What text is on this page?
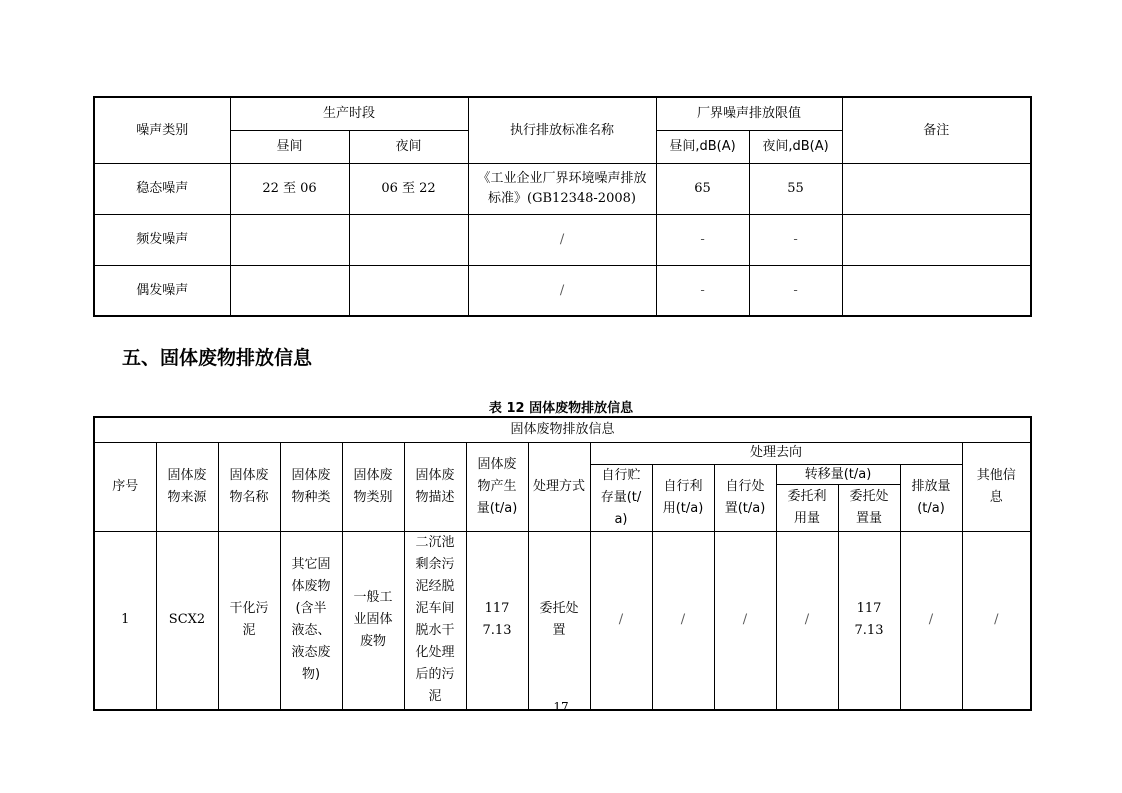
噪声类别	生产时段		执行排放标准名称	厂界噪声排放限值		备注
	昼间	夜间		昼间,dB(A)	夜间,dB(A)	
稳态噪声	22 至 06	06 至 22	《工业企业厂界环境噪声排放标准》(GB12348-2008)	65	55	
频发噪声			/	-	-	
偶发噪声			/	-	-	
五、固体废物排放信息
表 12 固体废物排放信息
固体废物排放信息														
序号	固体废物来源	固体废物名称	固体废物种类	固体废物类别	固体废物描述	固体废物产生量(t/a)	处理方式	处理去向						其他信息

								自行贮存量(t/a)	自行利用(t/a)	自行处置(t/a)	转移量(t/a)		排放量(t/a)	

											委托利用量	委托处置量		

1	SCX2	干化污泥	其它固体废物(含半液态、液态废物)	一般工业固体废物	二沉池剩余污泥经脱泥车间脱水干化处理后的污泥	1177.13	委托处置	/	/	/	/	1177.13	/	/
17
